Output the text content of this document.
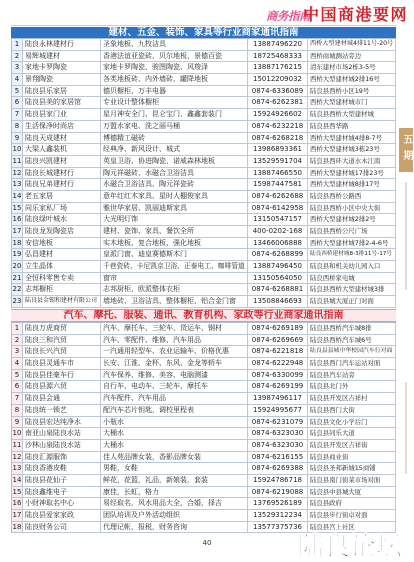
商务指南
中国商港要网
建材、五金、装饰、家具等行业商家通讯指南
1 陆良永林建材行	圣象地板、九牧洁具	13887496220	西桥大型建材城4排11号-20号
2 易辉城建材	香港法谊亚瓷砖、贝尔地板、景德百瓷	18725468333	西桥商城测站旁边
3 家地卡罗陶瓷	家地卡罗陶瓷、骏图陶瓷、风羧泽	13887176215	清东建材市场2栋3-5号
4 景翔陶瓷	各类地板砖、内外墙砖、罐降地板	15012209032	西桥大型建材城2排16号
5 陆良县乐家居	德贝橱柜、万丰电器	0874-6336089	陆良县西桥小区19号
6 陆良县美的家居馆	专业设计整体橱柜	0874-6262381	西桥大型建材城市门
7 陆良县家门业	星月神安全门、昆仑宝门、鑫鑫套装门	15924926602	陆良县西桥大型建材城
8 生活保净时尚店	万盟水家电、洗之丽马桶	0874-6232218	陆良县西华路
9 陆良天成建材	博德精工磁砖	0874-6268218	西桥大型建材城4排8-7号
10 大梁人鑫装机	经典净、新风设计、城式	13986893361	西桥大型建材城3栋23号
11 陆良兴凯建材	英皇卫浴、协进陶瓷、诺威森林地板	13529591704	陆良县西环大道水木江南
12 陆良长城建材行	陶元祥磁砖、水磁合卫浴洁具	13887466550	西桥大型建材城17排23号
13 陆良兄弟建材行	水磁合卫浴洁具、陶元祥瓷砖	15987447581	西桥大型建材城8排17号
14 老五家居	意年红红木家具、星时人棚俊家具	0874-6262688	陆良县西桥公路西
15 同乐家私厂场	雅世华家居、凯丽迪斯家具	0874-6142958	陆良县西桥小区中央大街
16 陆良绿叶城水	大光明灯饰	13150547157	西桥大型建材城2排2号
17 陆良龙发陶瓷店	建材、瓷饰、家具、餐饮全所	400-0202-168	陆良县西桥公尺广场
18 安信地板	实木地板、复合地板、强化地板	13466006888	西桥大型建材城7排2-4-6号
19 弘昌建材	皇派门窗、迪皇赛德斯木门	0874-6268899	陆良西桥建材城8-3排11号-17号
20 立生晶体	千巷瓷砖、卡尼凯京卫浴、正泰电工、咖啡管道	13887496450	陆良县和机关幼儿园入口
21 全恒科零售专卖	窗帘	13150564050	陆良西桥家电城
22 志邦橱柜	志邦厨柜、欧派整体衣柜	0874-6268881	陆良县西桥大型建材城3排
23 陆良县金锡和建材有限公司 墙地砖、卫浴洁具、整体橱柜、铝合金门窗	13508846693	陆良县城大厦正门对面
汽车、摩托、服装、通讯、教育机构、家政等行业商家通讯指南
1 陆良万虎商贸	汽车、摩托车、三轮车、货运车、钢材	0874-6269189	陆良县西桥汽车城8排
2 陆良三和汽贸	汽车、零配件、维修、汽车用品	0874-6269669	陆良县西桥汽车城6号
3 陆良长兴汽贸	一汽通用轻型车、农业运输车、价格优惠	0874-6221818	陆良县县城中华校园汽车行对面
4 陆良县灵通车市	长安、江淮、金杯、东风、金龙等轿车	0874-6222948	陆良县西门汽车运站对面
5 陆良县佳豪车行	汽车保养、维修、美容、电脑测漆	0874-6330099	陆良县汽车站旁
6 陆良县源六贸	自行车、电动车、三轮车、摩托车	0874-6269199	陆良县北门外
7 陆良县会通	汽车配件、汽车用品	13987496117	陆良县开发区吉祥村
8 陆良统一锁艺	配汽车芯片钥匙，调校里程表	15924995677	陆良县西门大街
9 陆良县宏达纯净水	小瓶水	0874-6231079	陆良县文化小学后门
10 南亚山泉陆良水站	大桶水	0874-6323030	陆良县同乐大道
11 沙林山泉陆良水站	大桶水	0874-6323030	陆良县开发区吉祥街
12 陆良汇源服饰	佳人苑品牌女装，香影品牌女装	0874-6216155	陆良县商业街
13 陆良香港皮鞋	男鞋，女鞋	0874-6269388	陆良县圣邦新城15商铺
14 陆良县花仙子	鲜花，花篮，礼品，新娘装，套装	15924786718	陆良县南门街菜市场对面
15 陆良鑫维电子	康佳，长虹，格力	0874-6219088	陆良县中县城大厦
16 小财神取名中心	易经取名，风水用品大全，合婚，择吉	13769526189	陆良县政府
17 陆良县爱家家政	团队培训及户外活动组织	13529312234	陆良县步行街卓对面
18 陆良财务公司	代理记帐，报税，财务咨询	13577375736	陆良县宫上社区
五期
40	陆良论坛
